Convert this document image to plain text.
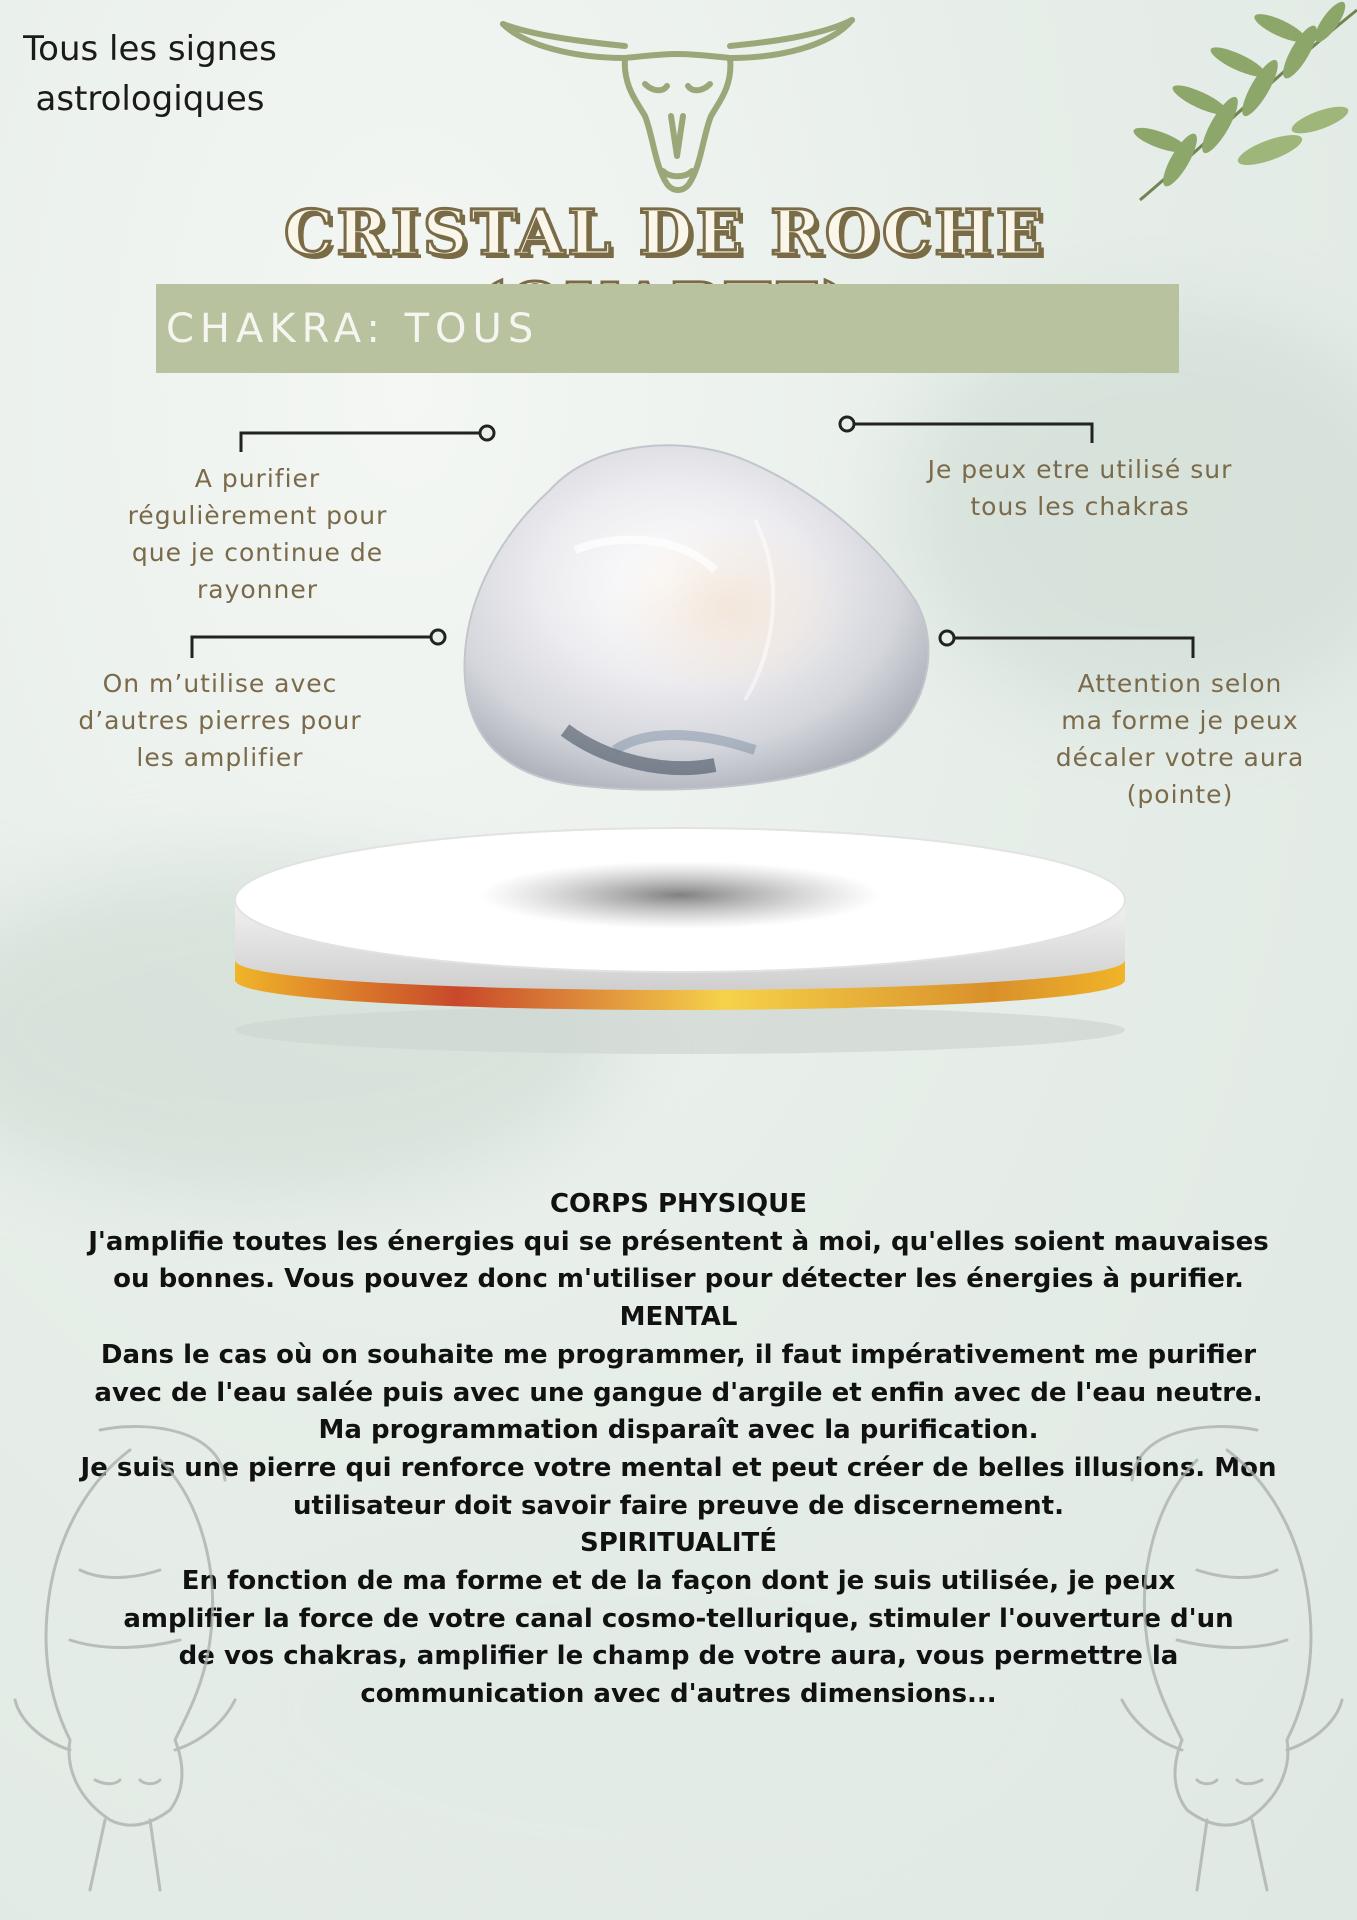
Tous les signes astrologiques
CRISTAL DE ROCHE
CHAKRA: TOUS
A purifier régulièrement pour que je continue de rayonner
On m’utilise avec d’autres pierres pour les amplifier
Je peux etre utilisé sur tous les chakras
Attention selon ma forme je peux décaler votre aura (pointe)

CORPS PHYSIQUE

J'amplifie toutes les énergies qui se présentent à moi, qu'elles soient mauvaises ou bonnes. Vous pouvez donc m'utiliser pour détecter les énergies à purifier.

MENTAL

Dans le cas où on souhaite me programmer, il faut impérativement me purifier avec de l'eau salée puis avec une gangue d'argile et enfin avec de l'eau neutre.

Ma programmation disparaît avec la purification.

Je suis une pierre qui renforce votre mental et peut créer de belles illusions. Mon utilisateur doit savoir faire preuve de discernement.

SPIRITUALITÉ

En fonction de ma forme et de la façon dont je suis utilisée, je peux amplifier la force de votre canal cosmo-tellurique, stimuler l'ouverture d'un de vos chakras, amplifier le champ de votre aura, vous permettre la communication avec d'autres dimensions...
